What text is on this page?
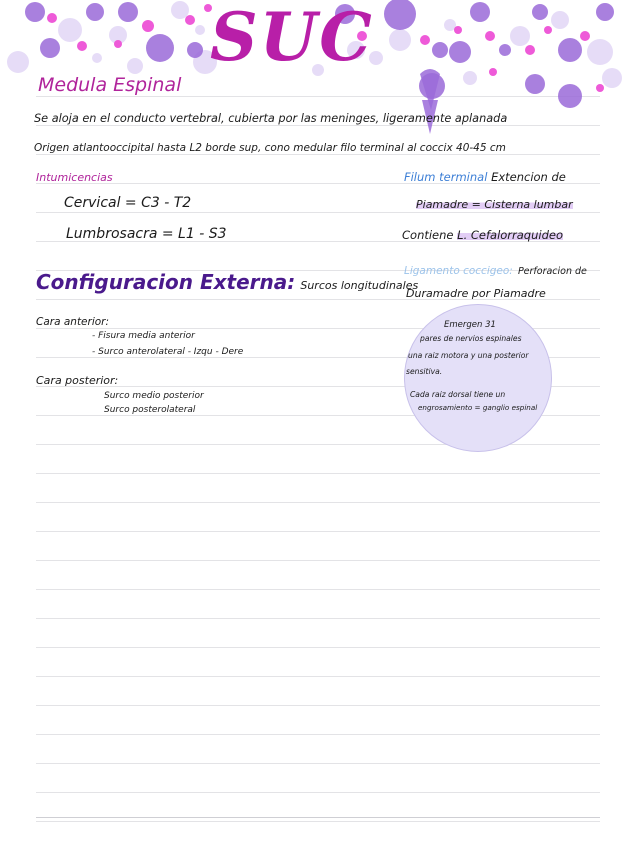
SUC
Medula Espinal
Se aloja en el conducto vertebral, cubierta por las meninges, ligeramente aplanada
Origen atlantooccipital hasta L2 borde sup, cono medular filo terminal al coccix 40-45 cm
Intumicencias
Cervical = C3 - T2
Lumbrosacra = L1 - S3
Filum terminal Extencion de
Piamadre = Cisterna lumbar
Contiene L. Cefalorraquideo
Ligamento coccigeo: Perforacion de
Duramadre por Piamadre
Configuracion Externa: Surcos longitudinales
Cara anterior:
- Fisura media anterior
- Surco anterolateral - Izqu - Dere
Cara posterior:
Surco medio posterior
Surco posterolateral
Emergen 31
pares de nervios espinales
una raiz motora y una posterior
sensitiva.
Cada raiz dorsal tiene un
engrosamiento = ganglio espinal
